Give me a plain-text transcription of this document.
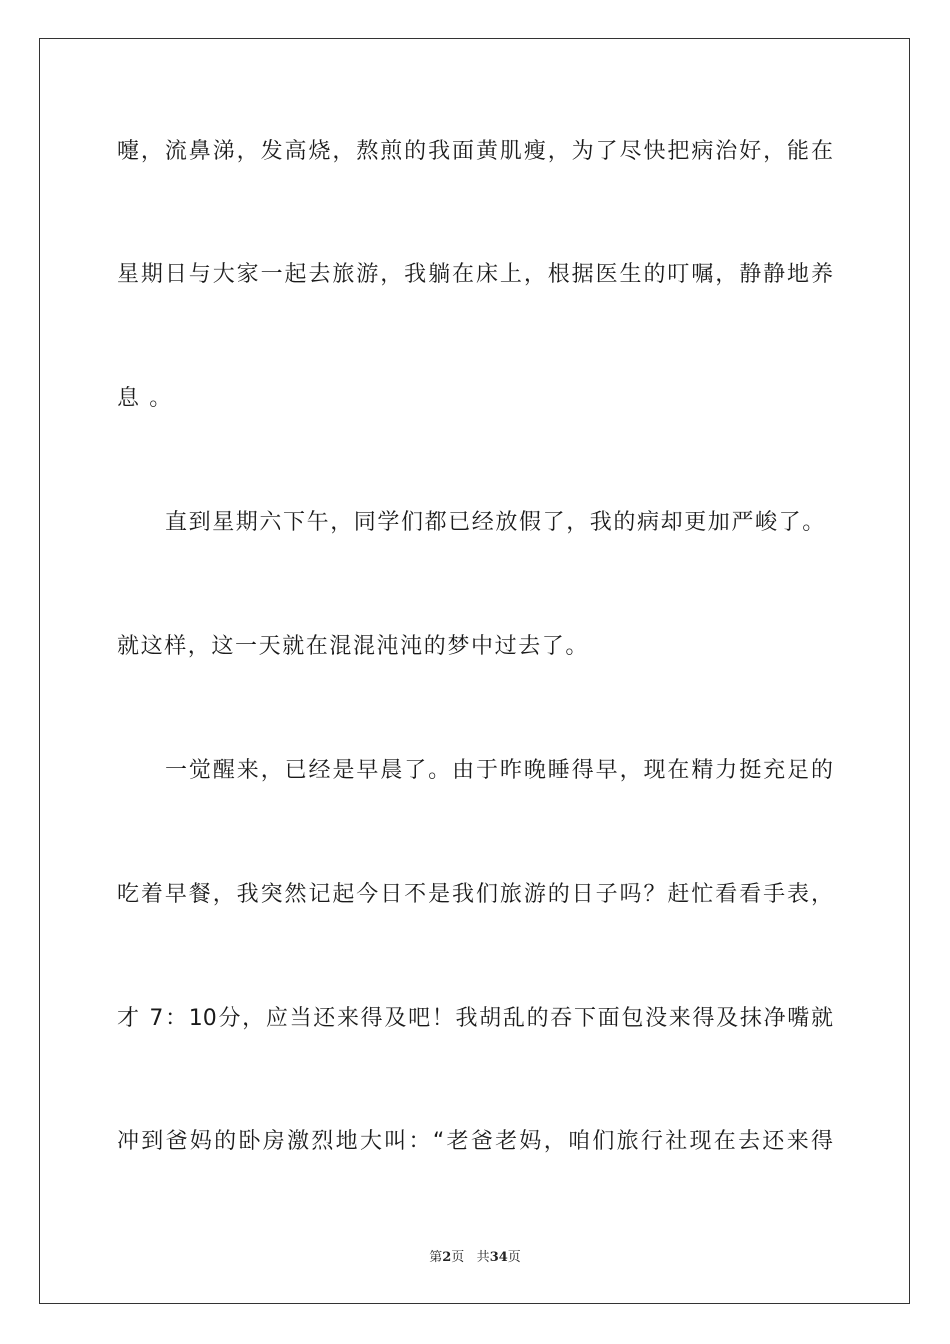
嚏，流鼻涕，发高烧，熬煎的我面黄肌瘦，为了尽快把病治好，能在
星期日与大家一起去旅游，我躺在床上，根据医生的叮嘱，静静地养
息 。
直到星期六下午，同学们都已经放假了，我的病却更加严峻了。
就这样，这一天就在混混沌沌的梦中过去了。
一觉醒来，已经是早晨了。由于昨晚睡得早，现在精力挺充足的
吃着早餐，我突然记起今日不是我们旅游的日子吗？赶忙看看手表，
才 7：10分，应当还来得及吧！我胡乱的吞下面包没来得及抹净嘴就
冲到爸妈的卧房激烈地大叫：“老爸老妈，咱们旅行社现在去还来得
第2页 共34页
